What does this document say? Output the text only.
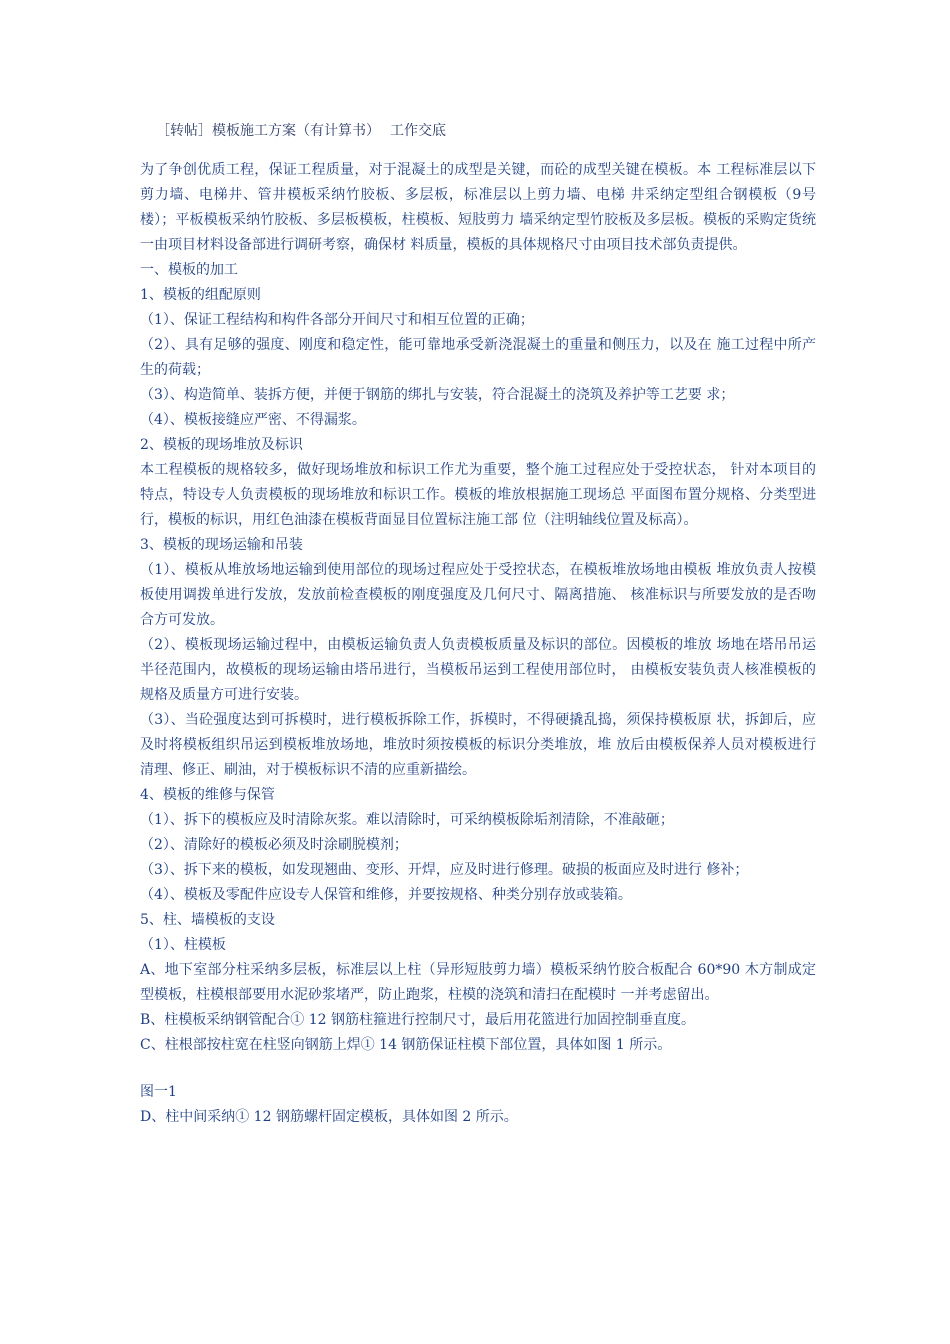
［转帖］模板施工方案（有计算书） 工作交底

为了争创优质工程，保证工程质量，对于混凝土的成型是关键，而砼的成型关键在模板。本 工程标准层以下剪力墙、电梯井、管井模板采纳竹胶板、多层板，标准层以上剪力墙、电梯 井采纳定型组合钢模板（9号楼）；平板模板采纳竹胶板、多层板模板，柱模板、短肢剪力 墙采纳定型竹胶板及多层板。模板的采购定货统一由项目材料设备部进行调研考察，确保材 料质量，模板的具体规格尺寸由项目技术部负责提供。

一、模板的加工

1、模板的组配原则

（1）、保证工程结构和构件各部分开间尺寸和相互位置的正确；

（2）、具有足够的强度、刚度和稳定性，能可靠地承受新浇混凝土的重量和侧压力，以及在 施工过程中所产生的荷载；

（3）、构造简单、装拆方便，并便于钢筋的绑扎与安装，符合混凝土的浇筑及养护等工艺要 求；

（4）、模板接缝应严密、不得漏浆。

2、模板的现场堆放及标识

本工程模板的规格较多，做好现场堆放和标识工作尤为重要，整个施工过程应处于受控状态， 针对本项目的特点，特设专人负责模板的现场堆放和标识工作。模板的堆放根据施工现场总 平面图布置分规格、分类型进行，模板的标识，用红色油漆在模板背面显目位置标注施工部 位（注明轴线位置及标高）。

3、模板的现场运输和吊装

（1）、模板从堆放场地运输到使用部位的现场过程应处于受控状态，在模板堆放场地由模板 堆放负责人按模板使用调拨单进行发放，发放前检查模板的刚度强度及几何尺寸、隔离措施、 核准标识与所要发放的是否吻合方可发放。

（2）、模板现场运输过程中，由模板运输负责人负责模板质量及标识的部位。因模板的堆放 场地在塔吊吊运半径范围内，故模板的现场运输由塔吊进行，当模板吊运到工程使用部位时， 由模板安装负责人核准模板的规格及质量方可进行安装。

（3）、当砼强度达到可拆模时，进行模板拆除工作，拆模时，不得硬撬乱捣，须保持模板原 状，拆卸后，应及时将模板组织吊运到模板堆放场地，堆放时须按模板的标识分类堆放，堆 放后由模板保养人员对模板进行清理、修正、刷油，对于模板标识不清的应重新描绘。

4、模板的维修与保管

（1）、拆下的模板应及时清除灰浆。难以清除时，可采纳模板除垢剂清除，不准敲砸；

（2）、清除好的模板必须及时涂刷脱模剂；

（3）、拆下来的模板，如发现翘曲、变形、开焊，应及时进行修理。破损的板面应及时进行 修补；

（4）、模板及零配件应设专人保管和维修，并要按规格、种类分别存放或装箱。

5、柱、墙模板的支设

（1）、柱模板

A、地下室部分柱采纳多层板，标准层以上柱（异形短肢剪力墙）模板采纳竹胶合板配合 60*90 木方制成定型模板，柱模根部要用水泥砂浆堵严，防止跑浆，柱模的浇筑和清扫在配模时 一并考虑留出。

B、柱模板采纳钢管配合① 12 钢筋柱箍进行控制尺寸，最后用花篮进行加固控制垂直度。

C、柱根部按柱宽在柱竖向钢筋上焊① 14 钢筋保证柱模下部位置，具体如图 1 所示。

图一1

D、柱中间采纳① 12 钢筋螺杆固定模板，具体如图 2 所示。
